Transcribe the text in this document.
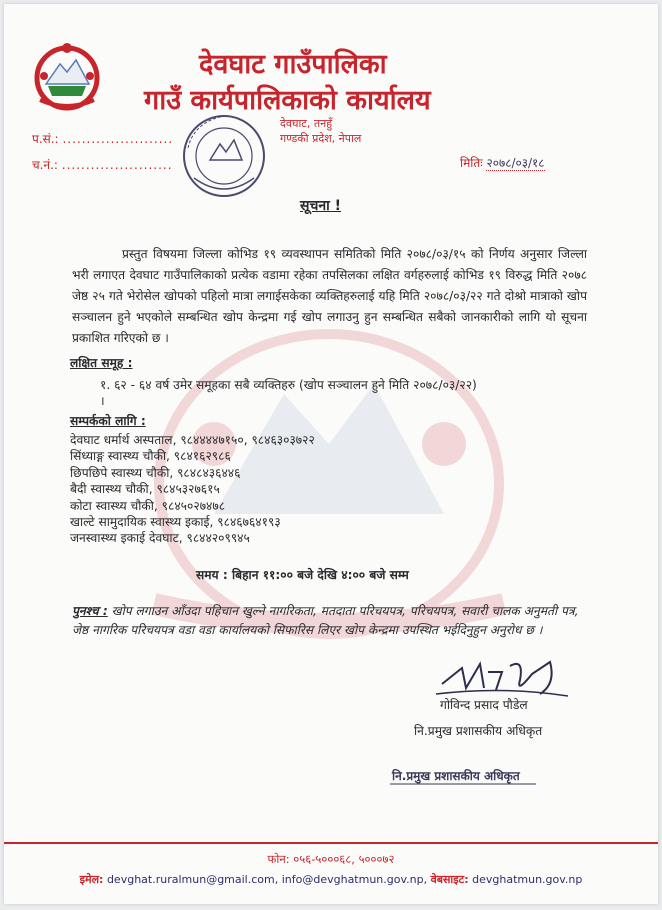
देवघाट गाउँपालिका
गाउँ कार्यपालिकाको कार्यालय
देवघाट, तनहुँ
गण्डकी प्रदेश, नेपाल
प.सं.: .......................
च.नं.: .......................	मितिः २०७८/०३/१८
सूचना !
प्रस्तुत विषयमा जिल्ला कोभिड १९ व्यवस्थापन समितिको मिति २०७८/०३/१५ को निर्णय अनुसार जिल्ला भरी लगाएत देवघाट गाउँपालिकाको प्रत्येक वडामा रहेका तपसिलका लक्षित वर्गहरुलाई कोभिड १९ विरुद्ध मिति २०७८ जेष्ठ २५ गते भेरोसेल खोपको पहिलो मात्रा लगाईसकेका व्यक्तिहरुलाई यहि मिति २०७८/०३/२२ गते दोश्रो मात्राको खोप सञ्चालन हुने भएकोले सम्बन्धित खोप केन्द्रमा गई खोप लगाउनु हुन सम्बन्धित सबैको जानकारीको लागि यो सूचना प्रकाशित गरिएको छ ।
लक्षित समूह :
१. ६२ - ६४ वर्ष उमेर समूहका सबै व्यक्तिहरु (खोप सञ्चालन हुने मिति २०७८/०३/२२)
।
सम्पर्कको लागि :
देवघाट धर्मार्थ अस्पताल, ९८४४४४७१५०, ९८४६३०३७२२
सिंध्याङ्ग स्वास्थ्य चौकी, ९८४१६२९८६
छिपछिपे स्वास्थ्य चौकी, ९८४८४३६४४६
बैदी स्वास्थ्य चौकी, ९८४५३२७६१५
कोटा स्वास्थ्य चौकी, ९८४५०२७४७८
खाल्टे सामुदायिक स्वास्थ्य इकाई, ९८४६७६४१९३
जनस्वास्थ्य इकाई देवघाट, ९८४४२०९९४५
समय : बिहान ११:०० बजे देखि ४:०० बजे सम्म
पुनश्च : खोप लगाउन आँउदा पहिचान खुल्ने नागरिकता, मतदाता परिचयपत्र, परिचयपत्र, सवारी चालक अनुमती पत्र, जेष्ठ नागरिक परिचयपत्र वडा वडा कार्यालयको सिफारिस लिएर खोप केन्द्रमा उपस्थित भईदिनुहुन अनुरोध छ ।
गोविन्द प्रसाद पौडेल
नि.प्रमुख प्रशासकीय अधिकृत
नि.प्रमुख प्रशासकीय अधिकृत
फोन: ०५६-५०००६८, ५०००७२
इमेल: devghat.ruralmun@gmail.com, info@devghatmun.gov.np, वेबसाइट: devghatmun.gov.np
